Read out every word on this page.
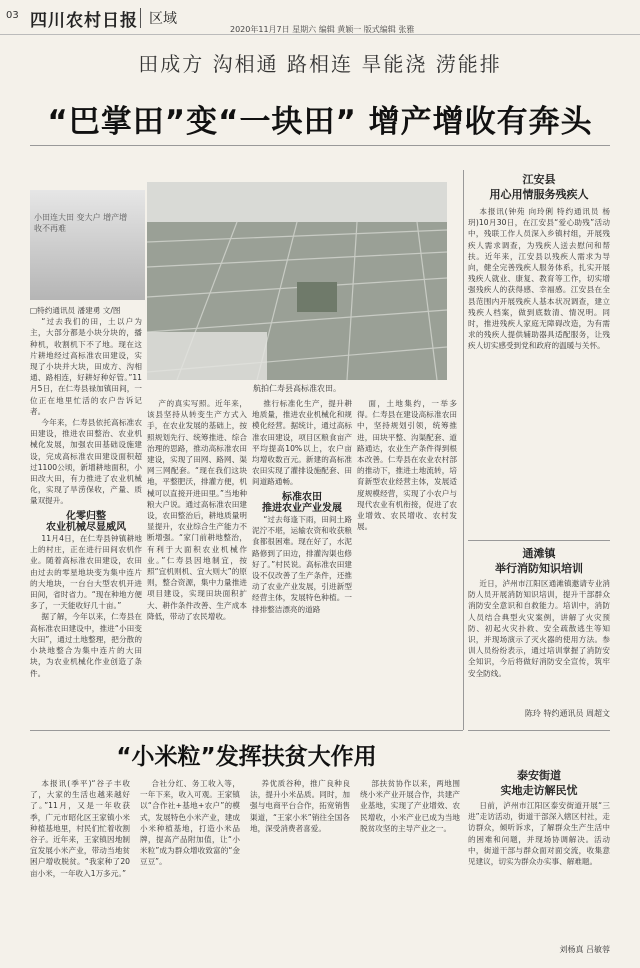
03 四川农村日报 区域
2020年11月7日 星期六 编辑 黄颖一 版式编辑 张雅
田成方 沟相通 路相连 旱能浇 涝能排
“巴掌田”变“一块田” 增产增收有奔头
航拍仁寿县高标准农田。
小田连大田 变大户 增产增收不再难

□特约通讯员 潘建勇 文/图

“过去我们的田，土以户为主，大部分都是小块分块的，播种机，收割机下不了地。现在这片耕地经过高标准农田建设，实现了小块并大块，田成方、沟相通、路相连，好耕好种好管。”11月5日，在仁寿县禄加镇田间，一位正在地里忙活的农户告诉记者。

今年来，仁寿县依托高标准农田建设，推进农田整治、农业机械化发展，加强农田基础设施建设，完成高标准农田建设面积超过1100公顷，新增耕地面积，小田改大田，有力推进了农业机械化，实现了旱涝保收，产量、质量双提升。

化零归整
农业机械尽显威风

11月4日，在仁寿县钟镇耕地上的村庄，正在进行田间农机作业。随着高标准农田建设，农田由过去的零星地块变为集中连片的大地块，一台台大型农机开进田间，省时省力。“现在种地方便多了，一天能收好几十亩。”

据了解，今年以来，仁寿县在高标准农田建设中，推进“小田变大田”，通过土地整理，把分散的小块地整合为集中连片的大田块，为农业机械化作业创造了条件。

产的真实写照。近年来，该县坚持从转变生产方式入手，在农业发展的基础上，按照规划先行、统筹推进、综合治理的思路，推动高标准农田建设，实现了田网、路网、渠网三网配套。“现在我们这块地，平整肥沃，排灌方便，机械可以直接开进田里。”当地种粮大户说。通过高标准农田建设，农田整治后，耕地质量明显提升，农业综合生产能力不断增强。“家门前耕地整治，有利于大面积农业机械作业。”仁寿县因地制宜，按照“宜机则机、宜大则大”的原则，整合资源，集中力量推进项目建设，实现田块面积扩大、耕作条件改善、生产成本降低，带动了农民增收。

推行标准化生产，提升耕地质量，推进农业机械化和规模化经营。据统计，通过高标准农田建设，项目区粮食亩产平均提高10%以上，农户亩均增收数百元。新建的高标准农田实现了灌排设施配套、田间道路通畅。

标准农田
推进农业产业发展

“过去每逢下雨，田间土路泥泞不堪，运输农资和收获粮食都很困难。现在好了，水泥路修到了田边，排灌沟渠也修好了。”村民说。高标准农田建设不仅改善了生产条件，还推动了农业产业发展，引进新型经营主体，发展特色种植。一排排整洁漂亮的道路

面，土地集约，一举多得。仁寿县在建设高标准农田中，坚持规划引领，统筹推进，田块平整、沟渠配套、道路通达，农业生产条件得到根本改善。仁寿县在农业农村部的推动下，推进土地流转，培育新型农业经营主体，发展适度规模经营，实现了小农户与现代农业有机衔接，促进了农业增效、农民增收、农村发展。

江安县
用心用情服务残疾人

本报讯(钟苑 向玲俐 特约通讯员 杨玥)10月30日，在江安县“爱心助残”活动中，残联工作人员深入乡镇村组，开展残疾人需求调查，为残疾人送去慰问和帮扶。近年来，江安县以残疾人需求为导向，健全完善残疾人服务体系，扎实开展残疾人就业、康复、教育等工作，切实增强残疾人的获得感、幸福感。江安县在全县范围内开展残疾人基本状况调查，建立残疾人档案，做到底数清、情况明。同时，推进残疾人家庭无障碍改造，为有需求的残疾人提供辅助器具适配服务，让残疾人切实感受到党和政府的温暖与关怀。

通滩镇
举行消防知识培训

近日，泸州市江阳区通滩镇邀请专业消防人员开展消防知识培训，提升干部群众消防安全意识和自救能力。培训中，消防人员结合典型火灾案例，讲解了火灾预防、初起火灾扑救、安全疏散逃生等知识，并现场演示了灭火器的使用方法。参训人员纷纷表示，通过培训掌握了消防安全知识，今后将做好消防安全宣传，筑牢安全防线。

陈玲 特约通讯员 周超文
“小米粒”发挥扶贫大作用

本报讯(季平)“谷子丰收了，大家的生活也越来越好了。”11月，又是一年收获季，广元市昭化区王家镇小米种植基地里，村民们忙着收割谷子。近年来，王家镇因地制宜发展小米产业，带动当地贫困户增收脱贫。“我家种了20亩小米，一年收入1万多元。”

合社分红、务工收入等，一年下来，收入可观。王家镇以“合作社+基地+农户”的模式，发展特色小米产业，建成小米种植基地，打造小米品牌，提高产品附加值，让“小米粒”成为群众增收致富的“金豆豆”。

养优质谷种，推广良种良法，提升小米品质。同时，加强与电商平台合作，拓宽销售渠道，“王家小米”销往全国各地，深受消费者喜爱。

部扶贫协作以来，两地围绕小米产业开展合作，共建产业基地，实现了产业增效、农民增收，小米产业已成为当地脱贫攻坚的主导产业之一。

泰安街道
实地走访解民忧

日前，泸州市江阳区泰安街道开展“三进”走访活动，街道干部深入辖区村社，走访群众，倾听诉求，了解群众生产生活中的困难和问题，并现场协调解决。活动中，街道干部与群众面对面交流，收集意见建议，切实为群众办实事、解难题。

刘杨真 吕敏蓉
